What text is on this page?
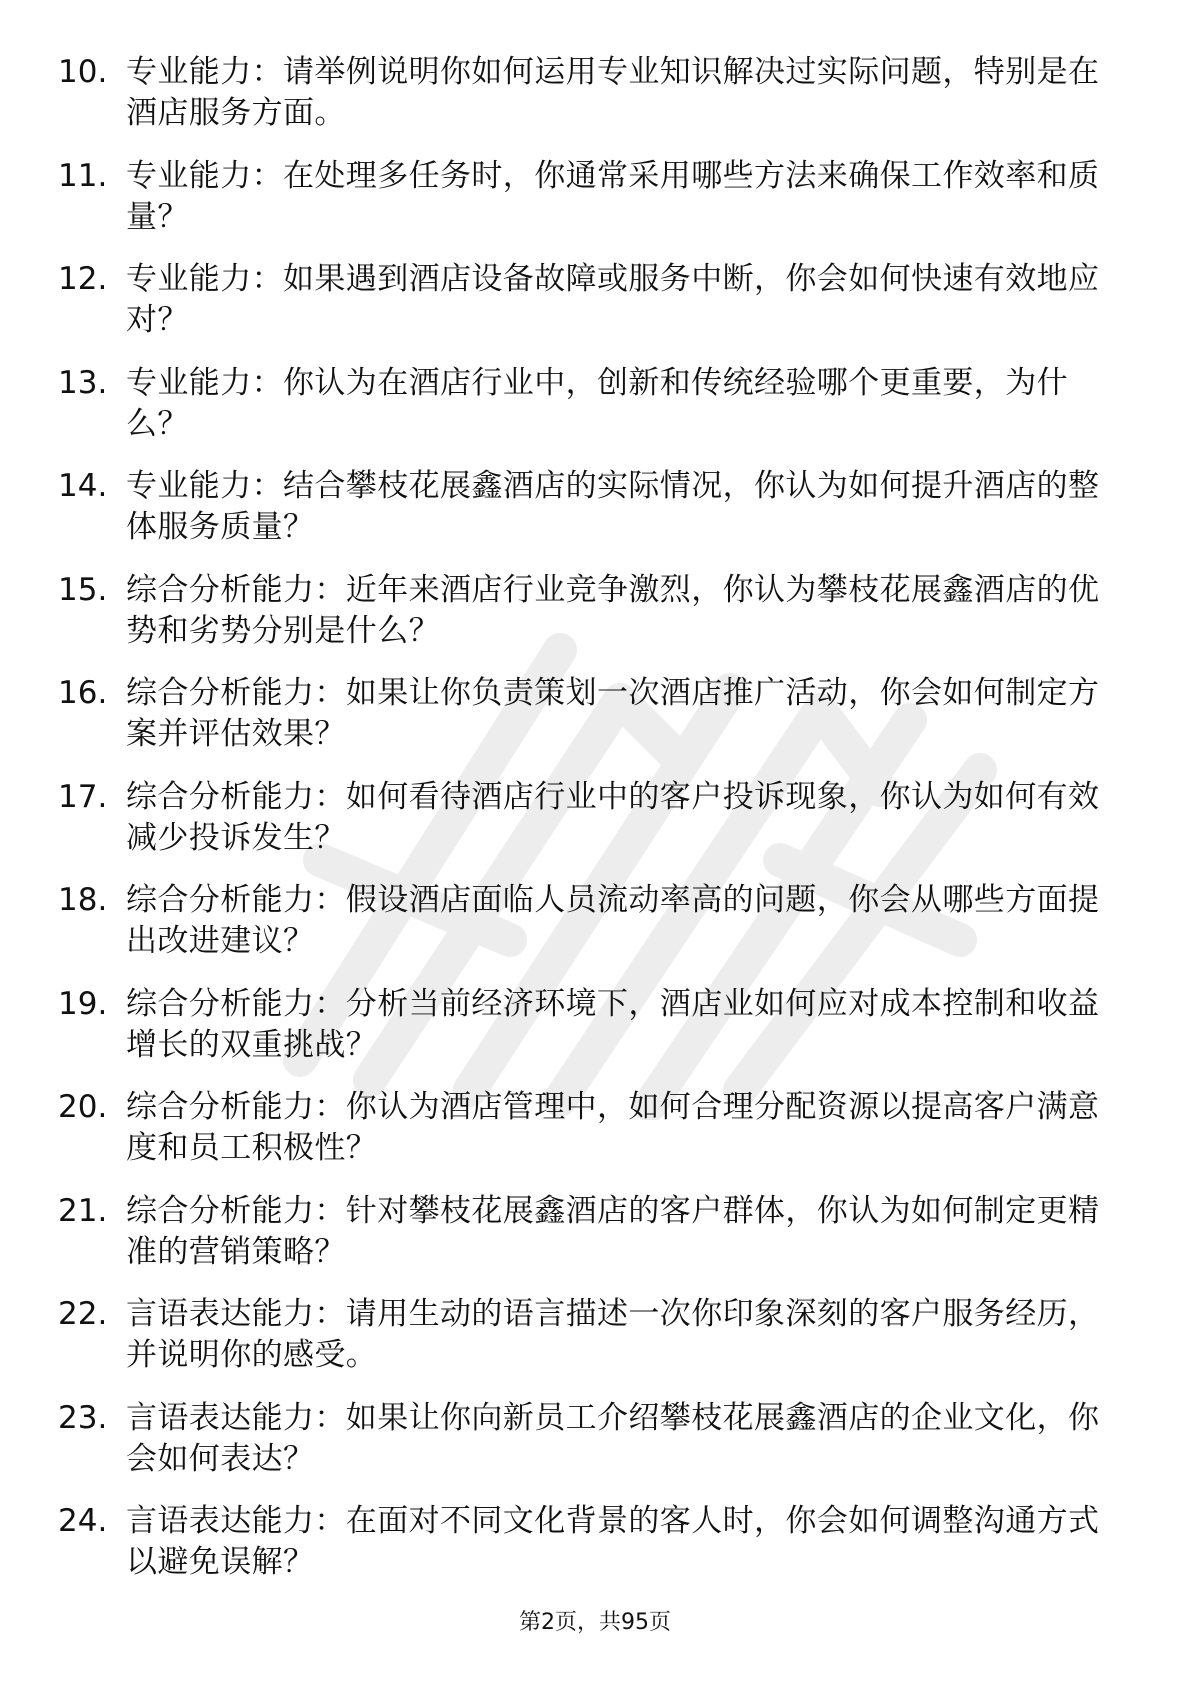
10. 专业能力：请举例说明你如何运用专业知识解决过实际问题，特别是在酒店服务方面。
11. 专业能力：在处理多任务时，你通常采用哪些方法来确保工作效率和质量？
12. 专业能力：如果遇到酒店设备故障或服务中断，你会如何快速有效地应对？
13. 专业能力：你认为在酒店行业中，创新和传统经验哪个更重要，为什么？
14. 专业能力：结合攀枝花展鑫酒店的实际情况，你认为如何提升酒店的整体服务质量？
15. 综合分析能力：近年来酒店行业竞争激烈，你认为攀枝花展鑫酒店的优势和劣势分别是什么？
16. 综合分析能力：如果让你负责策划一次酒店推广活动，你会如何制定方案并评估效果？
17. 综合分析能力：如何看待酒店行业中的客户投诉现象，你认为如何有效减少投诉发生？
18. 综合分析能力：假设酒店面临人员流动率高的问题，你会从哪些方面提出改进建议？
19. 综合分析能力：分析当前经济环境下，酒店业如何应对成本控制和收益增长的双重挑战？
20. 综合分析能力：你认为酒店管理中，如何合理分配资源以提高客户满意度和员工积极性？
21. 综合分析能力：针对攀枝花展鑫酒店的客户群体，你认为如何制定更精准的营销策略？
22. 言语表达能力：请用生动的语言描述一次你印象深刻的客户服务经历，并说明你的感受。
23. 言语表达能力：如果让你向新员工介绍攀枝花展鑫酒店的企业文化，你会如何表达？
24. 言语表达能力：在面对不同文化背景的客人时，你会如何调整沟通方式以避免误解？
第2页，共95页
